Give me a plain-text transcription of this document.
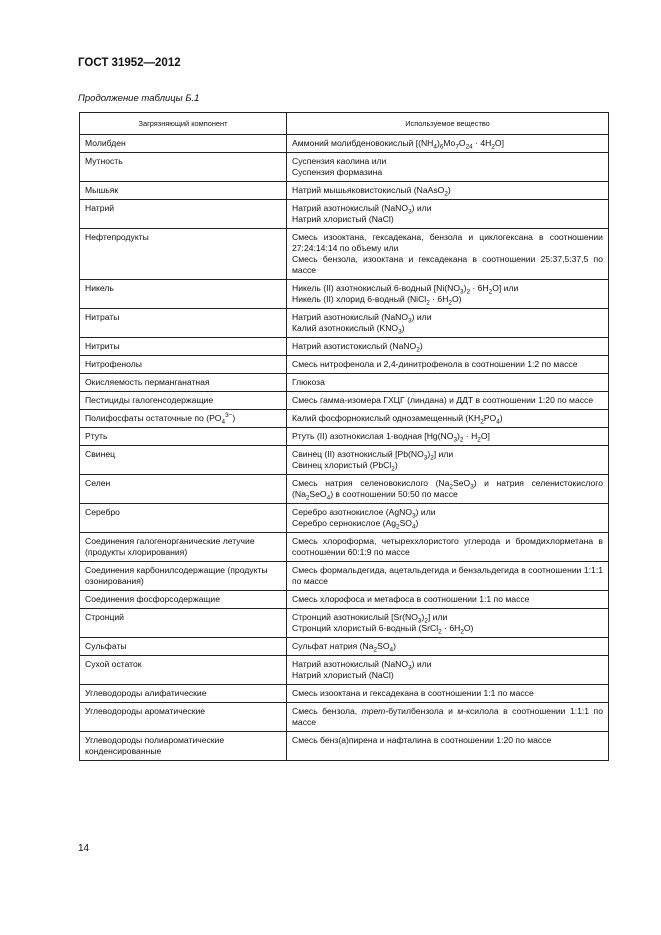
ГОСТ 31952—2012
Продолжение таблицы Б.1
Загрязняющий компонент	Используемое вещество
Молибден	Аммоний молибденовокислый $[(NH_4)_6Mo_7O_{24} \cdot 4H_2O]$

Мутность	Суспензия каолина или
Суспензия формазина

Мышьяк	Натрий мышьяковистокислый (NaAsO$_2$)

Натрий	Натрий азотнокислый (NaNO$_3$) или
Натрий хлористый (NaCl)

Нефтепродукты	Смесь изооктана, гексадекана, бензола и циклогексана в соотношении 27:24:14:14 по объему или
Смесь бензола, изооктана и гексадекана в соотношении 25:37,5:37,5 по массе

Никель	Никель (II) азотнокислый 6-водный $[Ni(NO_3)_2 \cdot 6H_2O]$ или
Никель (II) хлорид 6-водный (NiCl$_2$ · $6H_2O$)

Нитраты	Натрий азотнокислый (NaNO$_3$) или
Калий азотнокислый $(KNO_3)$

Нитриты	Натрий азотистокислый (NaNO$_2$)

Нитрофенолы	Смесь нитрофенола и 2,4-динитрофенола в соотношении 1:2 по массе

Окисляемость перманганатная	Глюкоза

Пестициды галогенсодержащие	Смесь гамма-изомера ГХЦГ (линдана) и ДДТ в соотношении 1:20 по массе

Полифосфаты остаточные по $(PO_4^{3-})$	Калий фосфорнокислый однозамещенный $(KH_2PO_4)$

Ртуть	Ртуть (II) азотнокислая 1-водная $[Hg(NO_3)_2 \cdot H_2O]$

Свинец	Свинец (II) азотнокислый $[Pb(NO_3)_2]$ или
Свинец хлористый (PbCl$_2$)

Селен	Смесь натрия селеновокислого $(Na_2SeO_3)$ и натрия селенистокислого $(Na_2SeO_4)$ в соотношении 50:50 по массе

Серебро	Серебро азотнокислое (AgNO$_3$) или
Серебро сернокислое $(Ag_2SO_4)$

Соединения галогенорганические летучие (продукты хлорирования)	Смесь хлороформа, четыреххлористого углерода и бромдихлорметана в соотношении 60:1:9 по массе

Соединения карбонилсодержащие (продукты озонирования)	Смесь формальдегида, ацетальдегида и бензальдегида в соотношении 1:1:1 по массе

Соединения фосфорсодержащие	Смесь хлорофоса и метафоса в соотношении 1:1 по массе

Стронций	Стронций азотнокислый $[Sr(NO_3)_2]$ или
Стронций хлористый 6-водный (SrCl$_2$ · $6H_2O$)

Сульфаты	Сульфат натрия $(Na_2SO_4)$

Сухой остаток	Натрий азотнокислый (NaNO$_3$) или
Натрий хлористый (NaCl)

Углеводороды алифатические	Смесь изооктана и гексадекана в соотношении 1:1 по массе

Углеводороды ароматические	Смесь бензола, трет-бутилбензола и м-ксилола в соотношении 1:1:1 по массе

Углеводороды полиароматические конденсированные	Смесь бенз(а)пирена и нафталина в соотношении 1:20 по массе
14
